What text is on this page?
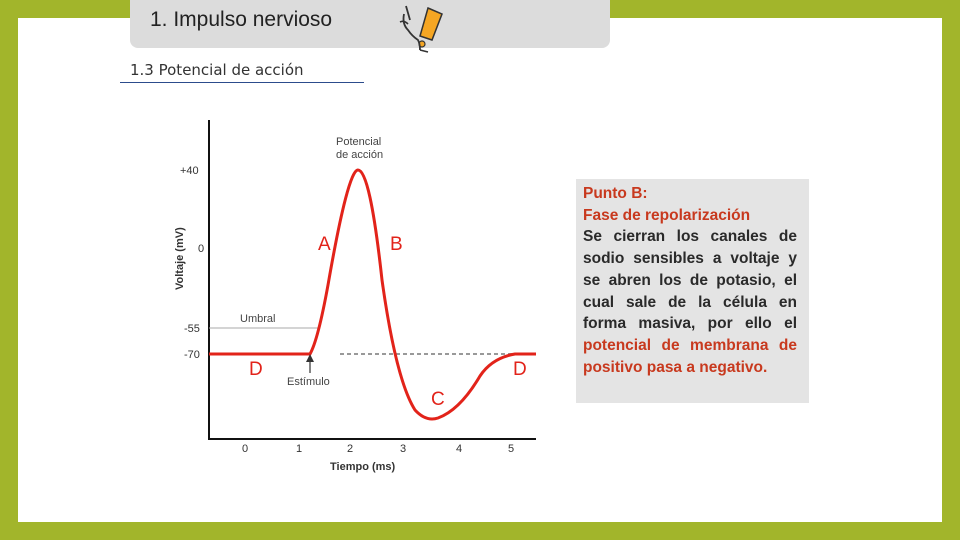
1. Impulso nervioso
1.3 Potencial de acción
+40
0
-55
-70
Voltaje (mV)
0	1	2	3	4	5
Tiempo (ms)
Potencial
de acción
Umbral
Estímulo
A	B
C
D	D
Punto B:
Fase de repolarización
Se cierran los canales de sodio sensibles a voltaje y se abren los de potasio, el cual sale de la célula en forma masiva, por ello el potencial de membrana de positivo pasa a negativo.
